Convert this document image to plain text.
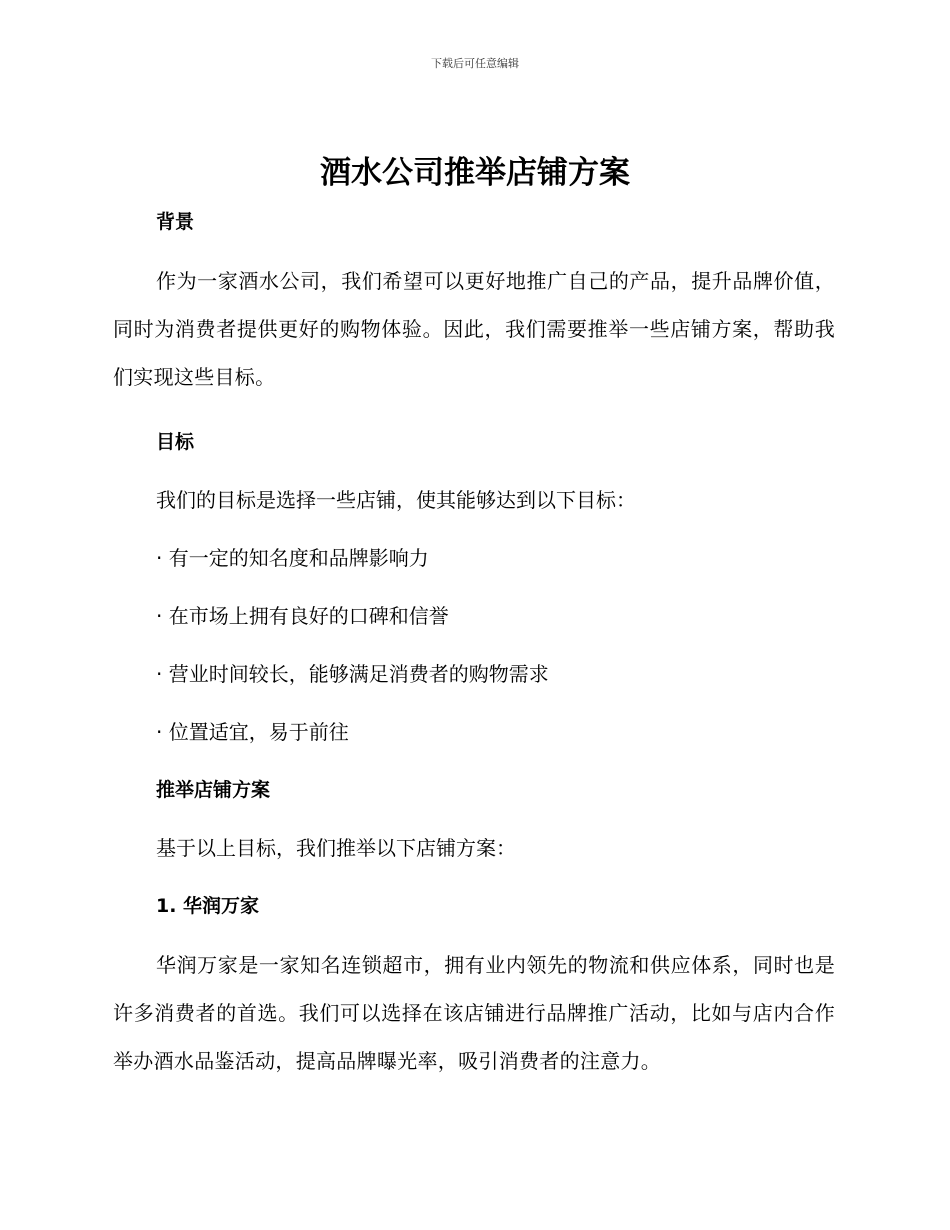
下载后可任意编辑
酒水公司推举店铺方案
背景

作为一家酒水公司，我们希望可以更好地推广自己的产品，提升品牌价值，同时为消费者提供更好的购物体验。因此，我们需要推举一些店铺方案，帮助我们实现这些目标。

目标
我们的目标是选择一些店铺，使其能够达到以下目标：
· 有一定的知名度和品牌影响力
· 在市场上拥有良好的口碑和信誉
· 营业时间较长，能够满足消费者的购物需求
· 位置适宜，易于前往
推举店铺方案
基于以上目标，我们推举以下店铺方案：
1. 华润万家

华润万家是一家知名连锁超市，拥有业内领先的物流和供应体系，同时也是许多消费者的首选。我们可以选择在该店铺进行品牌推广活动，比如与店内合作举办酒水品鉴活动，提高品牌曝光率，吸引消费者的注意力。
